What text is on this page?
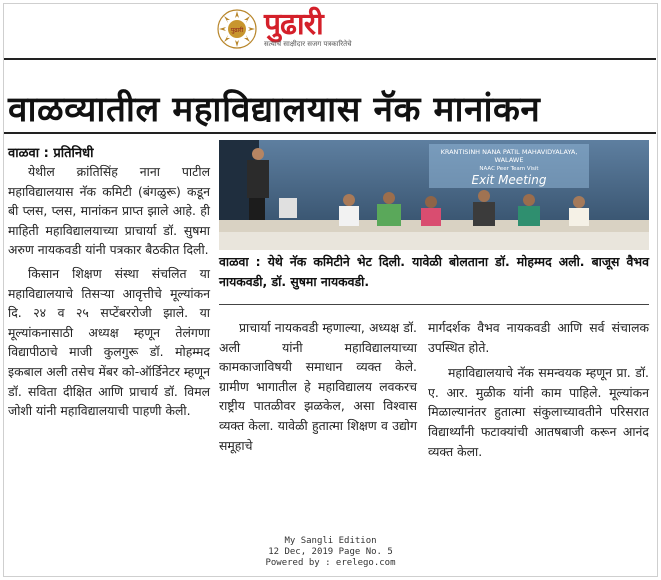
पुढारी पुढारी
सत्याचे साक्षीदार सजग पत्रकारितेचे
वाळव्यातील महाविद्यालयास नॅक मानांकन
वाळवा : प्रतिनिधी

येथील क्रांतिसिंह नाना पाटील महाविद्यालयास नॅक कमिटी (बंगळुरू) कडून बी प्लस, प्लस, मानांकन प्राप्त झाले आहे. ही माहिती महाविद्यालयाच्या प्राचार्या डॉ. सुषमा अरुण नायकवडी यांनी पत्रकार बैठकीत दिली.

किसान शिक्षण संस्था संचलित या महाविद्यालयाचे तिसऱ्या आवृत्तीचे मूल्यांकन दि. २४ व २५ सप्टेंबररोजी झाले. या मूल्यांकनासाठी अध्यक्ष म्हणून तेलंगणा विद्यापीठाचे माजी कुलगुरू डॉ. मोहम्मद इकबाल अली तसेच मेंबर को-ऑर्डिनेटर म्हणून डॉ. सविता दीक्षित आणि प्राचार्य डॉ. विमल जोशी यांनी महाविद्यालयाची पाहणी केली.

KRANTISINH NANA PATIL MAHAVIDYALAYA,
WALAWE
NAAC Peer Team Visit
Exit Meeting
वाळवा : येथे नॅक कमिटीने भेट दिली. यावेळी बोलताना डॉ. मोहम्मद अली. बाजूस वैभव नायकवडी, डॉ. सुषमा नायकवडी.

प्राचार्या नायकवडी म्हणाल्या, अध्यक्ष डॉ. अली यांनी महाविद्यालयाच्या कामकाजाविषयी समाधान व्यक्त केले. ग्रामीण भागातील हे महाविद्यालय लवकरच राष्ट्रीय पातळीवर झळकेल, असा विश्वास व्यक्त केला. यावेळी हुतात्मा शिक्षण व उद्योग समूहाचे

मार्गदर्शक वैभव नायकवडी आणि सर्व संचालक उपस्थित होते.

महाविद्यालयाचे नॅक समन्वयक म्हणून प्रा. डॉ. ए. आर. मुळीक यांनी काम पाहिले. मूल्यांकन मिळाल्यानंतर हुतात्मा संकुलाच्यावतीने परिसरात विद्यार्थ्यांनी फटाक्यांची आतषबाजी करून आनंद व्यक्त केला.

My Sangli Edition
12 Dec, 2019 Page No. 5
Powered by : erelego.com
